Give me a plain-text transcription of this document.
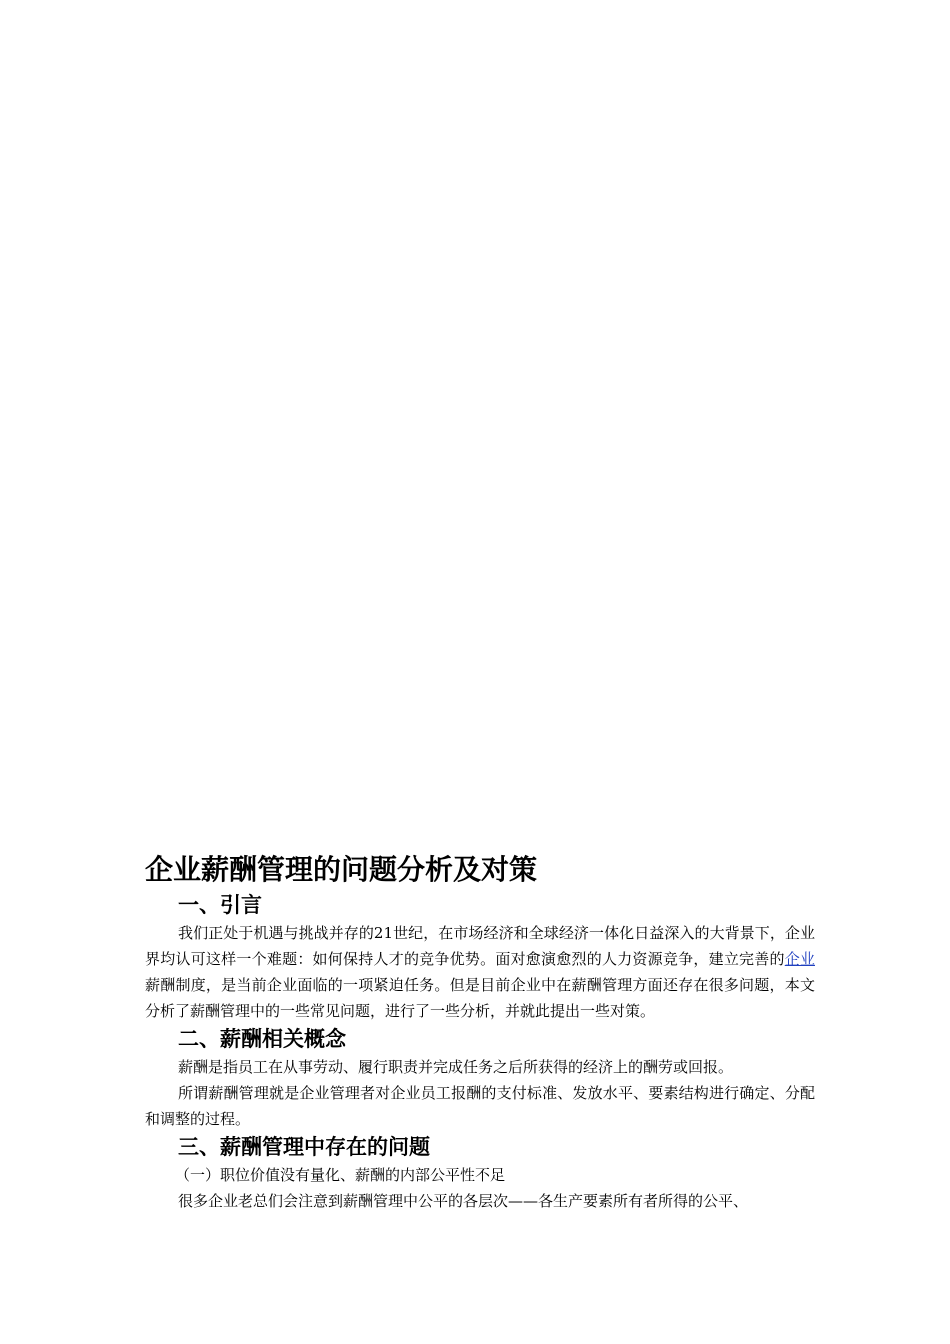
企业薪酬管理的问题分析及对策
一、引言

我们正处于机遇与挑战并存的21世纪，在市场经济和全球经济一体化日益深入的大背景下，企业界均认可这样一个难题：如何保持人才的竞争优势。面对愈演愈烈的人力资源竞争，建立完善的企业薪酬制度，是当前企业面临的一项紧迫任务。但是目前企业中在薪酬管理方面还存在很多问题，本文分析了薪酬管理中的一些常见问题，进行了一些分析，并就此提出一些对策。

二、薪酬相关概念

薪酬是指员工在从事劳动、履行职责并完成任务之后所获得的经济上的酬劳或回报。

所谓薪酬管理就是企业管理者对企业员工报酬的支付标准、发放水平、要素结构进行确定、分配和调整的过程。

三、薪酬管理中存在的问题

（一）职位价值没有量化、薪酬的内部公平性不足

很多企业老总们会注意到薪酬管理中公平的各层次——各生产要素所有者所得的公平、
